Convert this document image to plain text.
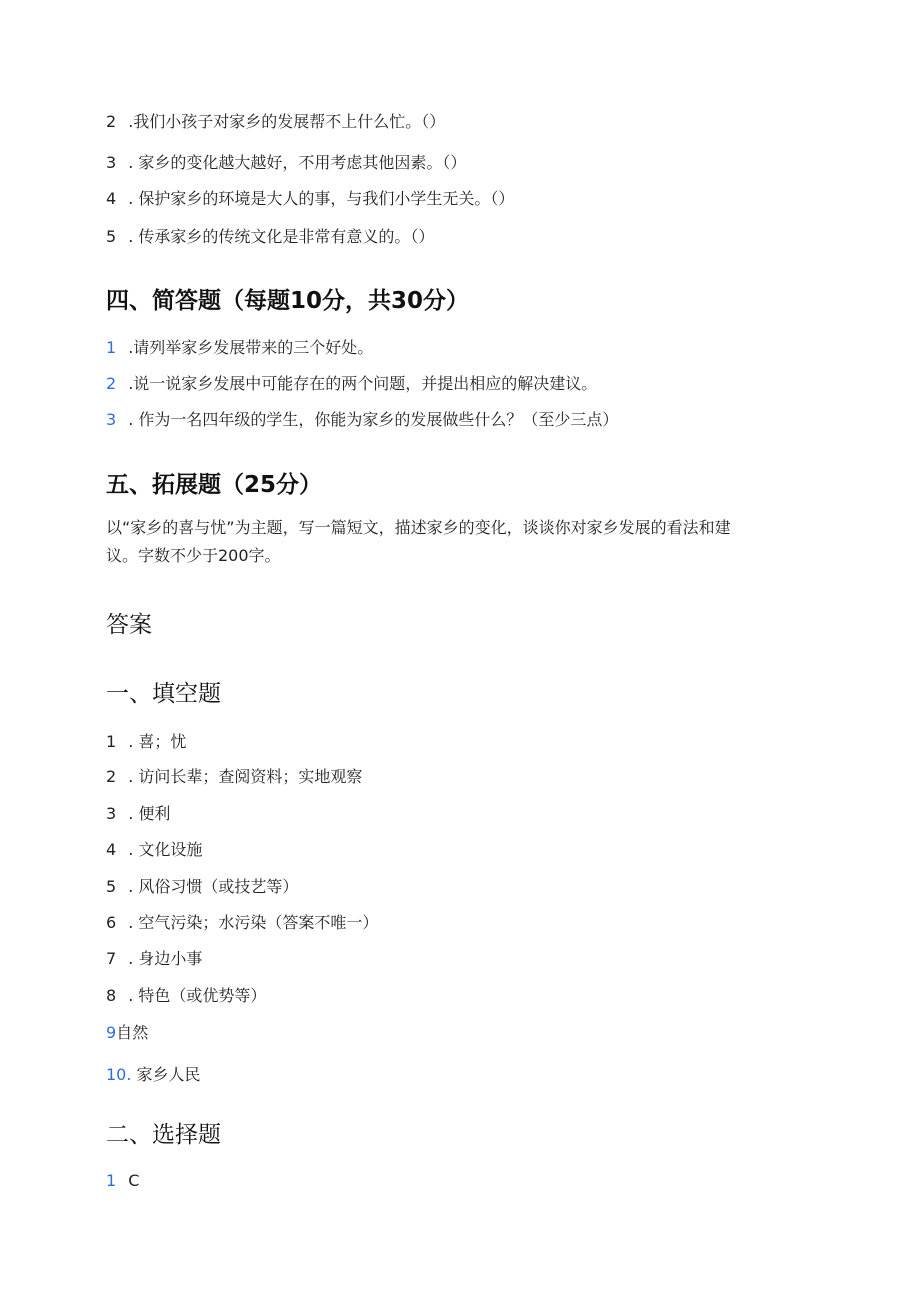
2 .我们小孩子对家乡的发展帮不上什么忙。（）
3 . 家乡的变化越大越好，不用考虑其他因素。（）
4 . 保护家乡的环境是大人的事，与我们小学生无关。（）
5 . 传承家乡的传统文化是非常有意义的。（）
四、简答题（每题10分，共30分）
1 .请列举家乡发展带来的三个好处。
2 .说一说家乡发展中可能存在的两个问题，并提出相应的解决建议。
3 . 作为一名四年级的学生，你能为家乡的发展做些什么？（至少三点）
五、拓展题（25分）
以“家乡的喜与忧”为主题，写一篇短文，描述家乡的变化，谈谈你对家乡发展的看法和建
议。字数不少于200字。
答案
一、填空题
1 . 喜；忧
2 . 访问长辈；查阅资料；实地观察
3 . 便利
4 . 文化设施
5 . 风俗习惯（或技艺等）
6 . 空气污染；水污染（答案不唯一）
7 . 身边小事
8 . 特色（或优势等）
9自然
10. 家乡人民
二、选择题
1 C
